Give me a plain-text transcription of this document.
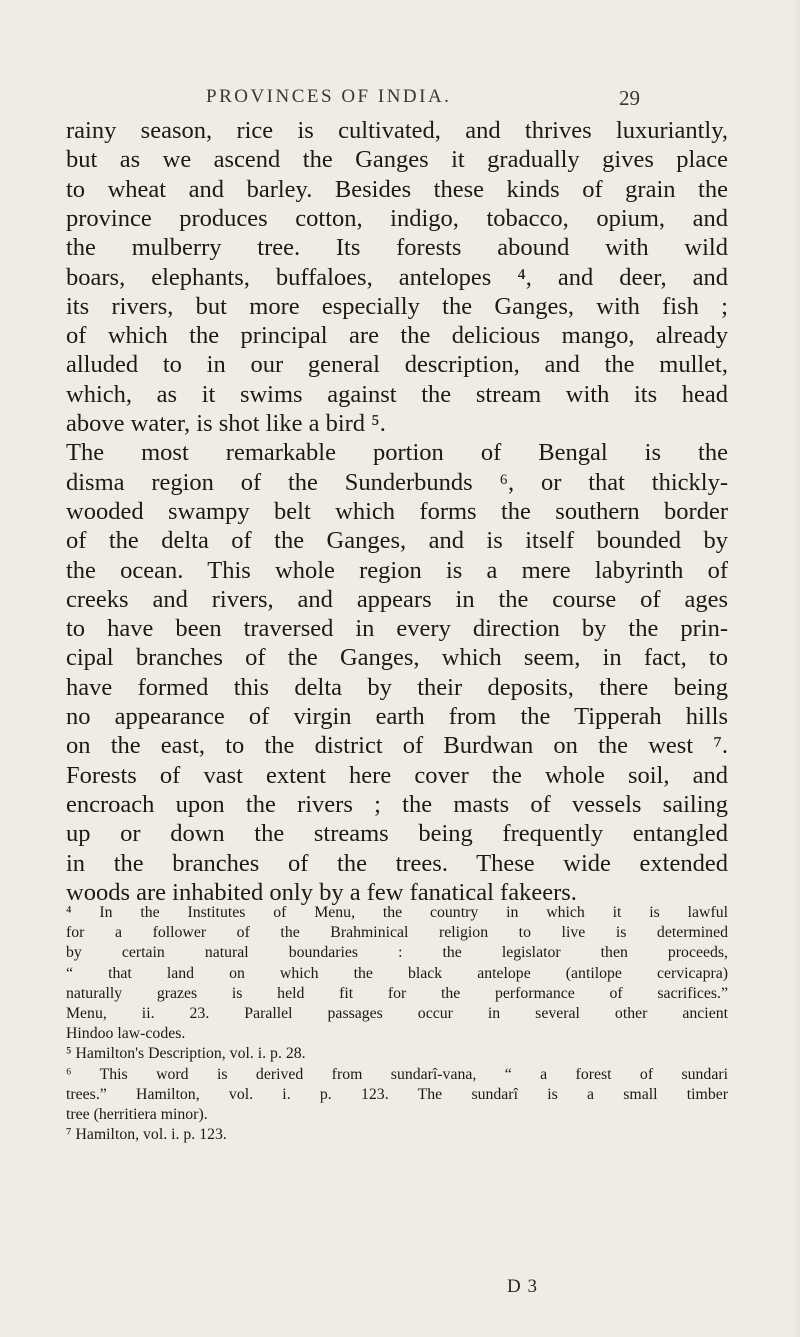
PROVINCES OF INDIA.	29
rainy season, rice is cultivated, and thrives luxuriantly,
but as we ascend the Ganges it gradually gives place
to wheat and barley. Besides these kinds of grain the
province produces cotton, indigo, tobacco, opium, and
the mulberry tree. Its forests abound with wild
boars, elephants, buffaloes, antelopes ⁴, and deer, and
its rivers, but more especially the Ganges, with fish ;
of which the principal are the delicious mango, already
alluded to in our general description, and the mullet,
which, as it swims against the stream with its head
above water, is shot like a bird ⁵.
The most remarkable portion of Bengal is the
disma region of the Sunderbunds ⁶, or that thickly-
wooded swampy belt which forms the southern border
of the delta of the Ganges, and is itself bounded by
the ocean. This whole region is a mere labyrinth of
creeks and rivers, and appears in the course of ages
to have been traversed in every direction by the prin-
cipal branches of the Ganges, which seem, in fact, to
have formed this delta by their deposits, there being
no appearance of virgin earth from the Tipperah hills
on the east, to the district of Burdwan on the west ⁷.
Forests of vast extent here cover the whole soil, and
encroach upon the rivers ; the masts of vessels sailing
up or down the streams being frequently entangled
in the branches of the trees. These wide extended
woods are inhabited only by a few fanatical fakeers.
⁴ In the Institutes of Menu, the country in which it is lawful
for a follower of the Brahminical religion to live is determined
by certain natural boundaries : the legislator then proceeds,
“ that land on which the black antelope (antilope cervicapra)
naturally grazes is held fit for the performance of sacrifices.”
Menu, ii. 23. Parallel passages occur in several other ancient
Hindoo law-codes.
⁵ Hamilton's Description, vol. i. p. 28.
⁶ This word is derived from sundarî-vana, “ a forest of sundari
trees.” Hamilton, vol. i. p. 123. The sundarî is a small timber
tree (herritiera minor).
⁷ Hamilton, vol. i. p. 123.
D 3
